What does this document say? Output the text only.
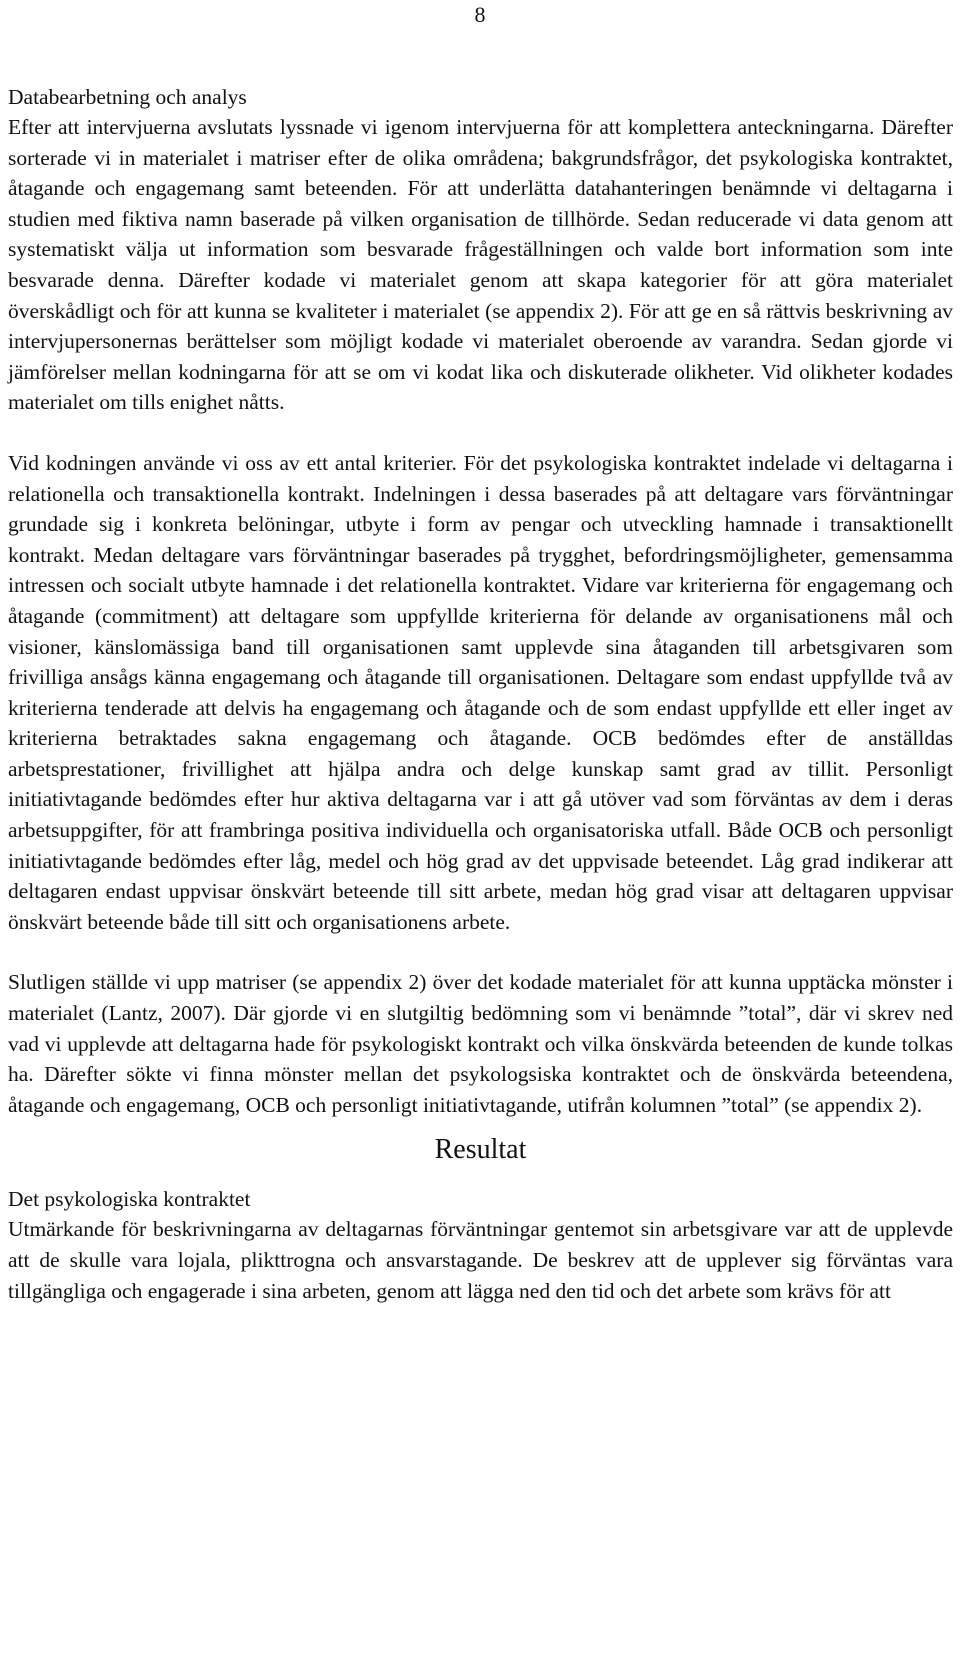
8
Databearbetning och analys

Efter att intervjuerna avslutats lyssnade vi igenom intervjuerna för att komplettera anteckningarna. Därefter sorterade vi in materialet i matriser efter de olika områdena; bakgrundsfrågor, det psykologiska kontraktet, åtagande och engagemang samt beteenden. För att underlätta datahanteringen benämnde vi deltagarna i studien med fiktiva namn baserade på vilken organisation de tillhörde. Sedan reducerade vi data genom att systematiskt välja ut information som besvarade frågeställningen och valde bort information som inte besvarade denna. Därefter kodade vi materialet genom att skapa kategorier för att göra materialet överskådligt och för att kunna se kvaliteter i materialet (se appendix 2). För att ge en så rättvis beskrivning av intervjupersonernas berättelser som möjligt kodade vi materialet oberoende av varandra. Sedan gjorde vi jämförelser mellan kodningarna för att se om vi kodat lika och diskuterade olikheter. Vid olikheter kodades materialet om tills enighet nåtts.

Vid kodningen använde vi oss av ett antal kriterier. För det psykologiska kontraktet indelade vi deltagarna i relationella och transaktionella kontrakt. Indelningen i dessa baserades på att deltagare vars förväntningar grundade sig i konkreta belöningar, utbyte i form av pengar och utveckling hamnade i transaktionellt kontrakt. Medan deltagare vars förväntningar baserades på trygghet, befordringsmöjligheter, gemensamma intressen och socialt utbyte hamnade i det relationella kontraktet. Vidare var kriterierna för engagemang och åtagande (commitment) att deltagare som uppfyllde kriterierna för delande av organisationens mål och visioner, känslomässiga band till organisationen samt upplevde sina åtaganden till arbetsgivaren som frivilliga ansågs känna engagemang och åtagande till organisationen. Deltagare som endast uppfyllde två av kriterierna tenderade att delvis ha engagemang och åtagande och de som endast uppfyllde ett eller inget av kriterierna betraktades sakna engagemang och åtagande. OCB bedömdes efter de anställdas arbetsprestationer, frivillighet att hjälpa andra och delge kunskap samt grad av tillit. Personligt initiativtagande bedömdes efter hur aktiva deltagarna var i att gå utöver vad som förväntas av dem i deras arbetsuppgifter, för att frambringa positiva individuella och organisatoriska utfall. Både OCB och personligt initiativtagande bedömdes efter låg, medel och hög grad av det uppvisade beteendet. Låg grad indikerar att deltagaren endast uppvisar önskvärt beteende till sitt arbete, medan hög grad visar att deltagaren uppvisar önskvärt beteende både till sitt och organisationens arbete.

Slutligen ställde vi upp matriser (se appendix 2) över det kodade materialet för att kunna upptäcka mönster i materialet (Lantz, 2007). Där gjorde vi en slutgiltig bedömning som vi benämnde ”total”, där vi skrev ned vad vi upplevde att deltagarna hade för psykologiskt kontrakt och vilka önskvärda beteenden de kunde tolkas ha. Därefter sökte vi finna mönster mellan det psykologsiska kontraktet och de önskvärda beteendena, åtagande och engagemang, OCB och personligt initiativtagande, utifrån kolumnen ”total” (se appendix 2).

Resultat
Det psykologiska kontraktet

Utmärkande för beskrivningarna av deltagarnas förväntningar gentemot sin arbetsgivare var att de upplevde att de skulle vara lojala, plikttrogna och ansvarstagande. De beskrev att de upplever sig förväntas vara tillgängliga och engagerade i sina arbeten, genom att lägga ned den tid och det arbete som krävs för att
